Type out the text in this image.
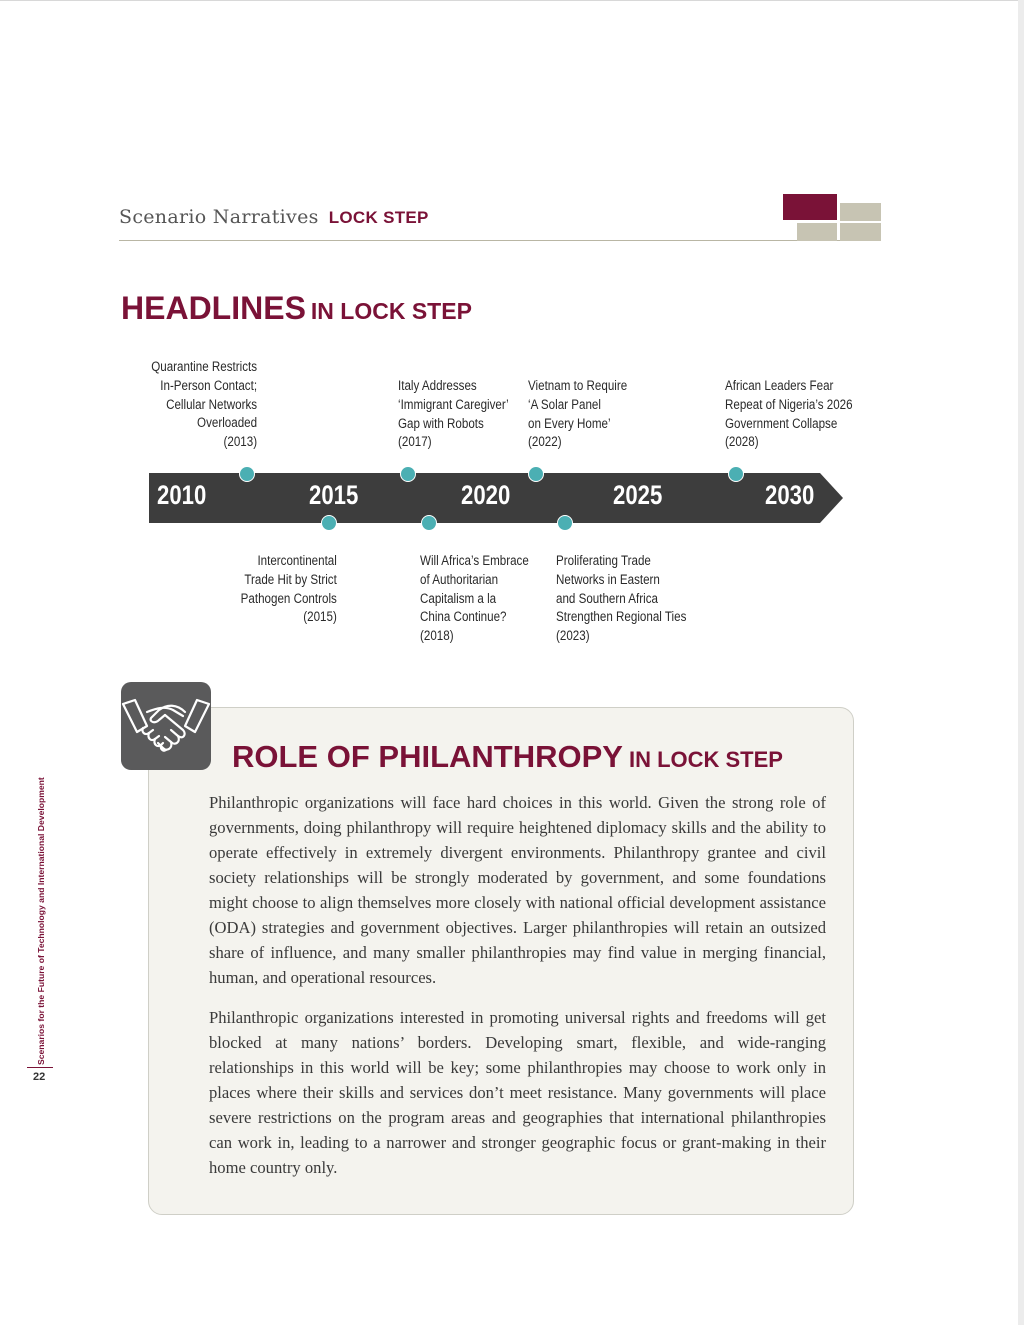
Scenario Narratives LOCK STEP
HEADLINES IN LOCK STEP
2010	2015	2020	2025	2030
Quarantine Restricts
In-Person Contact;
Cellular Networks
Overloaded
(2013)
Italy Addresses
‘Immigrant Caregiver’
Gap with Robots
(2017)
Vietnam to Require
‘A Solar Panel
on Every Home’
(2022)
African Leaders Fear
Repeat of Nigeria’s 2026
Government Collapse
(2028)
Intercontinental
Trade Hit by Strict
Pathogen Controls
(2015)
Will Africa’s Embrace
of Authoritarian
Capitalism a la
China Continue?
(2018)
Proliferating Trade
Networks in Eastern
and Southern Africa
Strengthen Regional Ties
(2023)
ROLE OF PHILANTHROPY IN LOCK STEP

Philanthropic organizations will face hard choices in this world. Given the strong role of governments, doing philanthropy will require heightened diplomacy skills and the ability to operate effectively in extremely divergent environments. Philanthropy grantee and civil society relationships will be strongly moderated by government, and some foundations might choose to align themselves more closely with national official development assistance (ODA) strategies and government objectives. Larger philanthropies will retain an outsized share of influence, and many smaller philanthropies may find value in merging financial, human, and operational resources.

Philanthropic organizations interested in promoting universal rights and freedoms will get blocked at many nations’ borders. Developing smart, flexible, and wide-ranging relationships in this world will be key; some philanthropies may choose to work only in places where their skills and services don’t meet resistance. Many governments will place severe restrictions on the program areas and geographies that international philanthropies can work in, leading to a narrower and stronger geographic focus or grant-making in their home country only.

Scenarios for the Future of Technology and International Development
22
